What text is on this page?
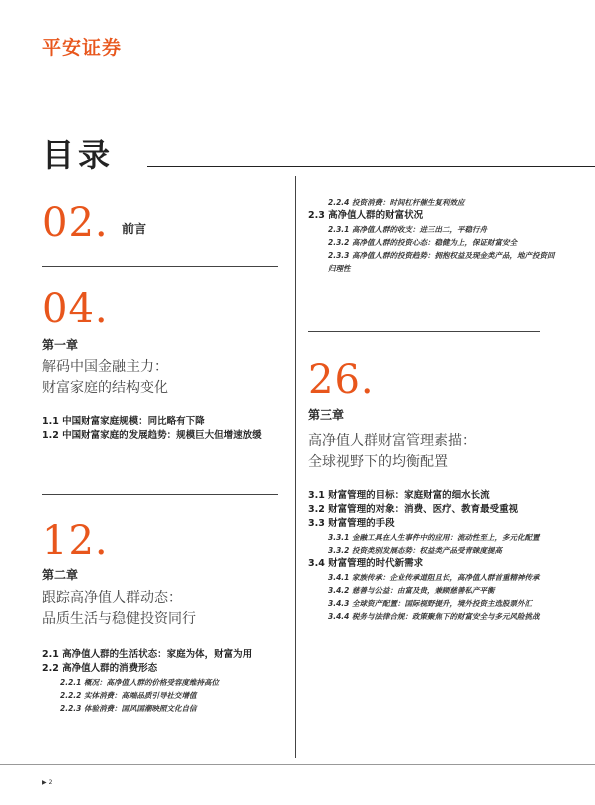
平安证券
目录
02. 前言
04.
第一章
解码中国金融主力：
财富家庭的结构变化
1.1 中国财富家庭规模：同比略有下降
1.2 中国财富家庭的发展趋势：规模巨大但增速放缓
12.
第二章
跟踪高净值人群动态：
品质生活与稳健投资同行
2.1 高净值人群的生活状态：家庭为体，财富为用
2.2 高净值人群的消费形态
2.2.1 概况：高净值人群的价格受容度维持高位
2.2.2 实体消费：高端品质引导社交增值
2.2.3 体验消费：国风国潮映照文化自信
2.2.4 投资消费：时间杠杆催生复利效应
2.3 高净值人群的财富状况
2.3.1 高净值人群的收支：进三出二，平稳行舟
2.3.2 高净值人群的投资心态：稳健为上，保证财富安全
2.3.3 高净值人群的投资趋势：拥抱权益及现金类产品，地产投资回归理性
26.
第三章
高净值人群财富管理素描：
全球视野下的均衡配置
3.1 财富管理的目标：家庭财富的细水长流
3.2 财富管理的对象：消费、医疗、教育最受重视
3.3 财富管理的手段
3.3.1 金融工具在人生事件中的应用：流动性至上，多元化配置
3.3.2 投资类别发展态势：权益类产品受青睐度提高
3.4 财富管理的时代新需求
3.4.1 家族传承：企业传承道阻且长，高净值人群首重精神传承
3.4.2 慈善与公益：由富及贵，兼顾慈善私产平衡
3.4.3 全球资产配置：国际视野提升，境外投资主选股票外汇
3.4.4 税务与法律合规：政策聚焦下的财富安全与多元风险挑战
▶ 2
